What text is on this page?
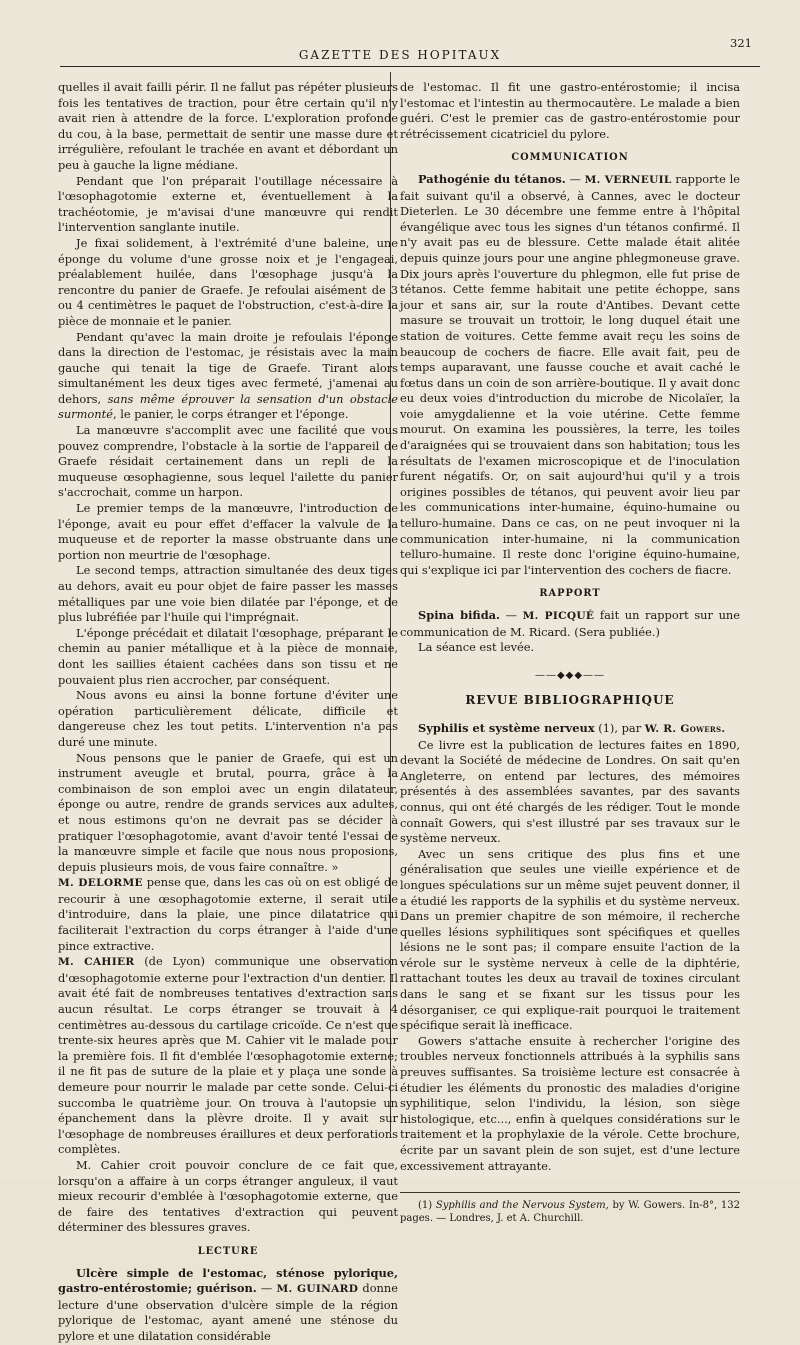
GAZETTE DES HOPITAUX
321

quelles il avait failli périr. Il ne fallut pas répéter plusieurs fois les tentatives de traction, pour être certain qu'il n'y avait rien à attendre de la force. L'exploration profonde du cou, à la base, permettait de sentir une masse dure et irrégulière, refoulant le trachée en avant et débordant un peu à gauche la ligne médiane.

Pendant que l'on préparait l'outillage nécessaire à l'œsophagotomie externe et, éventuellement à la trachéotomie, je m'avisai d'une manœuvre qui rendit l'intervention sanglante inutile.

Je fixai solidement, à l'extrémité d'une baleine, une éponge du volume d'une grosse noix et je l'engageai, préalablement huilée, dans l'œsophage jusqu'à la rencontre du panier de Graefe. Je refoulai aisément de 3 ou 4 centimètres le paquet de l'obstruction, c'est-à-dire la pièce de monnaie et le panier.

Pendant qu'avec la main droite je refoulais l'éponge dans la direction de l'estomac, je résistais avec la main gauche qui tenait la tige de Graefe. Tirant alors simultanément les deux tiges avec fermeté, j'amenai au dehors, sans même éprouver la sensation d'un obstacle surmonté, le panier, le corps étranger et l'éponge.

La manœuvre s'accomplit avec une facilité que vous pouvez comprendre, l'obstacle à la sortie de l'appareil de Graefe résidait certainement dans un repli de la muqueuse œsophagienne, sous lequel l'ailette du panier s'accrochait, comme un harpon.

Le premier temps de la manœuvre, l'introduction de l'éponge, avait eu pour effet d'effacer la valvule de la muqueuse et de reporter la masse obstruante dans une portion non meurtrie de l'œsophage.

Le second temps, attraction simultanée des deux tiges au dehors, avait eu pour objet de faire passer les masses métalliques par une voie bien dilatée par l'éponge, et de plus lubréfiée par l'huile qui l'imprégnait.

L'éponge précédait et dilatait l'œsophage, préparant le chemin au panier métallique et à la pièce de monnaie, dont les saillies étaient cachées dans son tissu et ne pouvaient plus rien accrocher, par conséquent.

Nous avons eu ainsi la bonne fortune d'éviter une opération particulièrement délicate, difficile et dangereuse chez les tout petits. L'intervention n'a pas duré une minute.

Nous pensons que le panier de Graefe, qui est un instrument aveugle et brutal, pourra, grâce à la combinaison de son emploi avec un engin dilatateur, éponge ou autre, rendre de grands services aux adultes, et nous estimons qu'on ne devrait pas se décider à pratiquer l'œsophagotomie, avant d'avoir tenté l'essai de la manœuvre simple et facile que nous nous proposions, depuis plusieurs mois, de vous faire connaître. »

M. DELORME pense que, dans les cas où on est obligé de recourir à une œsophagotomie externe, il serait utile d'introduire, dans la plaie, une pince dilatatrice qui faciliterait l'extraction du corps étranger à l'aide d'une pince extractive.

M. CAHIER (de Lyon) communique une observation d'œsophagotomie externe pour l'extraction d'un dentier. Il avait été fait de nombreuses tentatives d'extraction sans aucun résultat. Le corps étranger se trouvait à 4 centimètres au-dessous du cartilage cricoïde. Ce n'est que trente-six heures après que M. Cahier vit le malade pour la première fois. Il fit d'emblée l'œsophagotomie externe; il ne fit pas de suture de la plaie et y plaça une sonde à demeure pour nourrir le malade par cette sonde. Celui-ci succomba le quatrième jour. On trouva à l'autopsie un épanchement dans la plèvre droite. Il y avait sur l'œsophage de nombreuses éraillures et deux perforations complètes.

M. Cahier croit pouvoir conclure de ce fait que, lorsqu'on a affaire à un corps étranger anguleux, il vaut mieux recourir d'emblée à l'œsophagotomie externe, que de faire des tentatives d'extraction qui peuvent déterminer des blessures graves.

LECTURE

Ulcère simple de l'estomac, sténose pylorique, gastro-entérostomie; guérison. — M. GUINARD donne lecture d'une observation d'ulcère simple de la région pylorique de l'estomac, ayant amené une sténose du pylore et une dilatation considérable

de l'estomac. Il fit une gastro-entérostomie; il incisa l'estomac et l'intestin au thermocautère. Le malade a bien guéri. C'est le premier cas de gastro-entérostomie pour rétrécissement cicatriciel du pylore.

COMMUNICATION

Pathogénie du tétanos. — M. VERNEUIL rapporte le fait suivant qu'il a observé, à Cannes, avec le docteur Dieterlen. Le 30 décembre une femme entre à l'hôpital évangélique avec tous les signes d'un tétanos confirmé. Il n'y avait pas eu de blessure. Cette malade était alitée depuis quinze jours pour une angine phlegmoneuse grave. Dix jours après l'ouverture du phlegmon, elle fut prise de tétanos. Cette femme habitait une petite échoppe, sans jour et sans air, sur la route d'Antibes. Devant cette masure se trouvait un trottoir, le long duquel était une station de voitures. Cette femme avait reçu les soins de beaucoup de cochers de fiacre. Elle avait fait, peu de temps auparavant, une fausse couche et avait caché le fœtus dans un coin de son arrière-boutique. Il y avait donc eu deux voies d'introduction du microbe de Nicolaïer, la voie amygdalienne et la voie utérine. Cette femme mourut. On examina les poussières, la terre, les toiles d'araignées qui se trouvaient dans son habitation; tous les résultats de l'examen microscopique et de l'inoculation furent négatifs. Or, on sait aujourd'hui qu'il y a trois origines possibles de tétanos, qui peuvent avoir lieu par les communications inter-humaine, équino-humaine ou telluro-humaine. Dans ce cas, on ne peut invoquer ni la communication inter-humaine, ni la communication telluro-humaine. Il reste donc l'origine équino-humaine, qui s'explique ici par l'intervention des cochers de fiacre.

RAPPORT

Spina bifida. — M. PICQUÉ fait un rapport sur une communication de M. Ricard. (Sera publiée.)

La séance est levée.

——◆◆◆——
REVUE BIBLIOGRAPHIQUE

Syphilis et système nerveux (1), par W. R. Gowers.

Ce livre est la publication de lectures faites en 1890, devant la Société de médecine de Londres. On sait qu'en Angleterre, on entend par lectures, des mémoires présentés à des assemblées savantes, par des savants connus, qui ont été chargés de les rédiger. Tout le monde connaît Gowers, qui s'est illustré par ses travaux sur le système nerveux.

Avec un sens critique des plus fins et une généralisation que seules une vieille expérience et de longues spéculations sur un même sujet peuvent donner, il a étudié les rapports de la syphilis et du système nerveux. Dans un premier chapitre de son mémoire, il recherche quelles lésions syphilitiques sont spécifiques et quelles lésions ne le sont pas; il compare ensuite l'action de la vérole sur le système nerveux à celle de la diphtérie, rattachant toutes les deux au travail de toxines circulant dans le sang et se fixant sur les tissus pour les désorganiser, ce qui explique-rait pourquoi le traitement spécifique serait là inefficace.

Gowers s'attache ensuite à rechercher l'origine des troubles nerveux fonctionnels attribués à la syphilis sans preuves suffisantes. Sa troisième lecture est consacrée à étudier les éléments du pronostic des maladies d'origine syphilitique, selon l'individu, la lésion, son siège histologique, etc..., enfin à quelques considérations sur le traitement et la prophylaxie de la vérole. Cette brochure, écrite par un savant plein de son sujet, est d'une lecture excessivement attrayante.

(1) Syphilis and the Nervous System, by W. Gowers. In-8°, 132 pages. — Londres, J. et A. Churchill.
